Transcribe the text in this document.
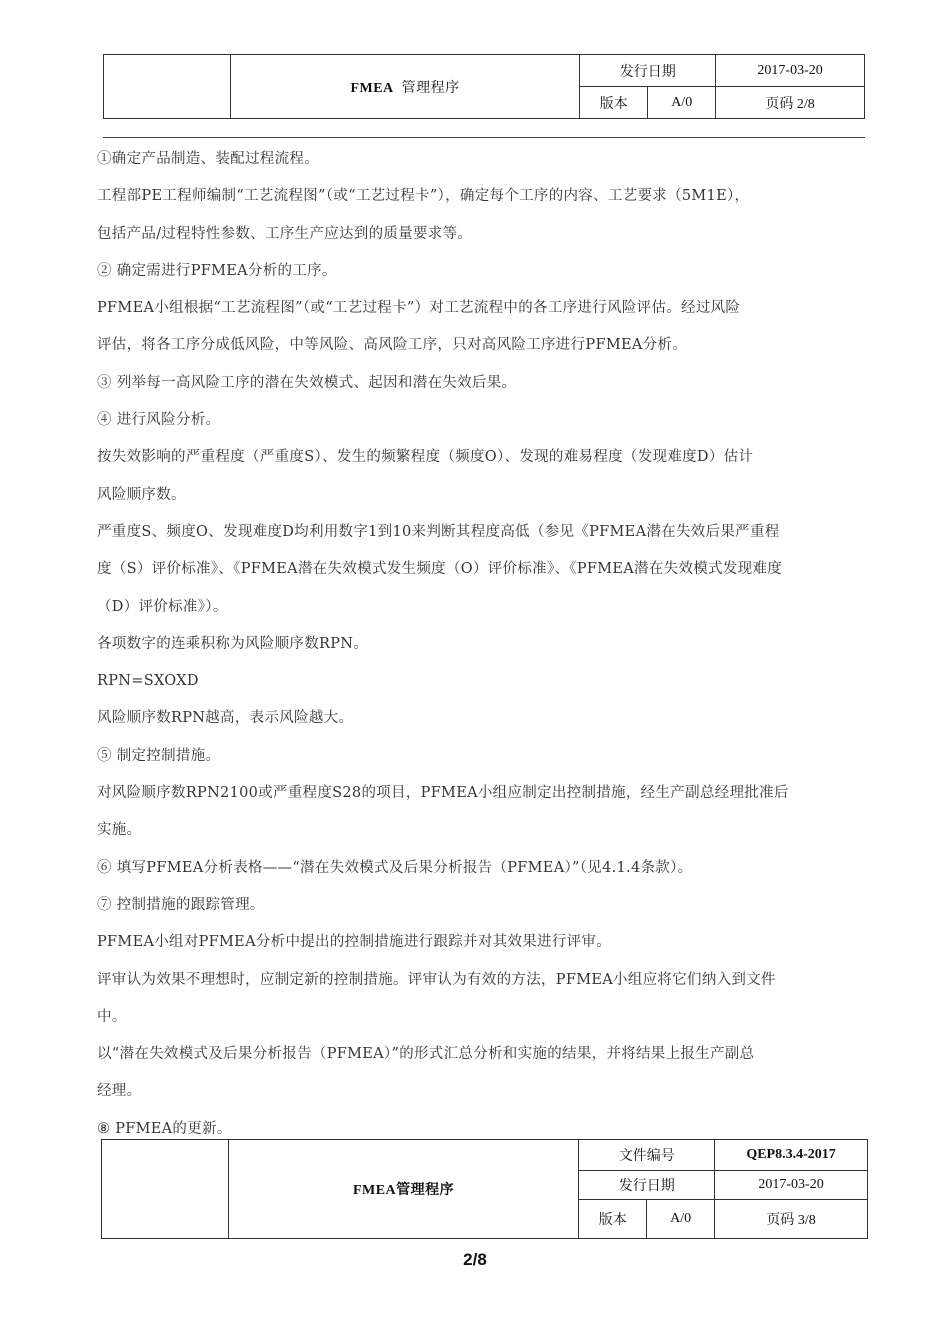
	FMEA 管理程序	发行日期		2017-03-20
		版本	A/0	页码 2/8

①确定产品制造、装配过程流程。

工程部PE工程师编制“工艺流程图”（或“工艺过程卡”），确定每个工序的内容、工艺要求（5M1E），

包括产品/过程特性参数、工序生产应达到的质量要求等。

② 确定需进行PFMEA分析的工序。

PFMEA小组根据“工艺流程图”（或“工艺过程卡”）对工艺流程中的各工序进行风险评估。经过风险

评估，将各工序分成低风险，中等风险、高风险工序，只对高风险工序进行PFMEA分析。

③ 列举每一高风险工序的潜在失效模式、起因和潜在失效后果。

④ 进行风险分析。

按失效影响的严重程度（严重度S）、发生的频繁程度（频度O）、发现的难易程度（发现难度D）估计

风险顺序数。

严重度S、频度O、发现难度D均利用数字1到10来判断其程度高低（参见《PFMEA潜在失效后果严重程

度（S）评价标准》、《PFMEA潜在失效模式发生频度（O）评价标准》、《PFMEA潜在失效模式发现难度

（D）评价标准》）。

各项数字的连乘积称为风险顺序数RPN。

RPN=SXOXD

风险顺序数RPN越高，表示风险越大。

⑤ 制定控制措施。

对风险顺序数RPN2100或严重程度S28的项目，PFMEA小组应制定出控制措施，经生产副总经理批准后

实施。

⑥ 填写PFMEA分析表格——“潜在失效模式及后果分析报告（PFMEA）”（见4.1.4条款）。

⑦ 控制措施的跟踪管理。

PFMEA小组对PFMEA分析中提出的控制措施进行跟踪并对其效果进行评审。

评审认为效果不理想时，应制定新的控制措施。评审认为有效的方法，PFMEA小组应将它们纳入到文件

中。

以“潜在失效模式及后果分析报告（PFMEA）”的形式汇总分析和实施的结果，并将结果上报生产副总

经理。

⑧ PFMEA的更新。

	FMEA管理程序	文件编号		QEP8.3.4-2017
		发行日期		2017-03-20
		版本	A/0	页码 3/8
2/8
